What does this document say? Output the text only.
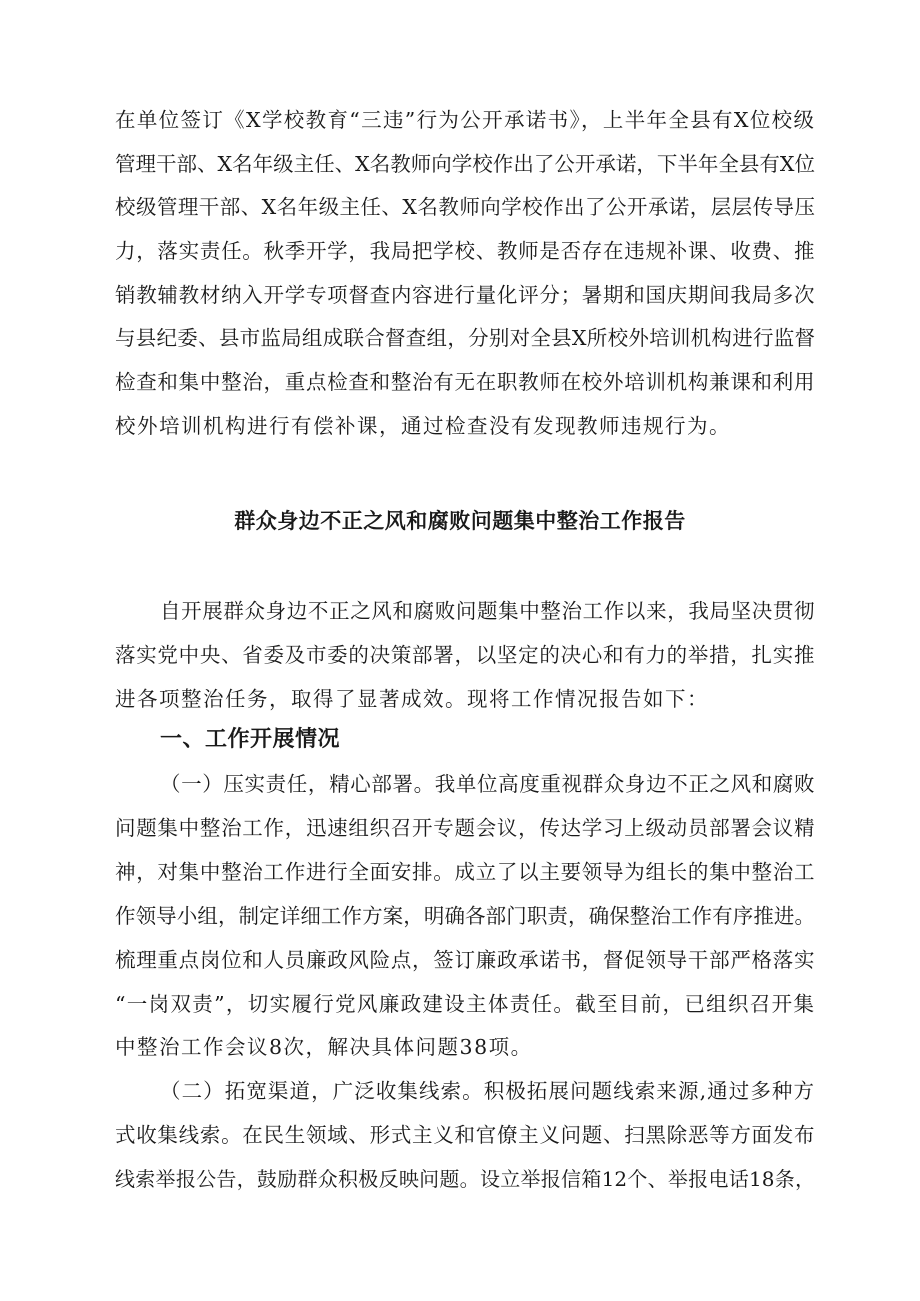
在单位签订《X学校教育“三违”行为公开承诺书》，上半年全县有X位校级
管理干部、X名年级主任、X名教师向学校作出了公开承诺，下半年全县有X位
校级管理干部、X名年级主任、X名教师向学校作出了公开承诺，层层传导压
力，落实责任。秋季开学，我局把学校、教师是否存在违规补课、收费、推
销教辅教材纳入开学专项督查内容进行量化评分；暑期和国庆期间我局多次
与县纪委、县市监局组成联合督查组，分别对全县X所校外培训机构进行监督
检查和集中整治，重点检查和整治有无在职教师在校外培训机构兼课和利用
校外培训机构进行有偿补课，通过检查没有发现教师违规行为。
群众身边不正之风和腐败问题集中整治工作报告
自开展群众身边不正之风和腐败问题集中整治工作以来，我局坚决贯彻
落实党中央、省委及市委的决策部署，以坚定的决心和有力的举措，扎实推
进各项整治任务，取得了显著成效。现将工作情况报告如下：
一、工作开展情况
（一）压实责任，精心部署。我单位高度重视群众身边不正之风和腐败
问题集中整治工作，迅速组织召开专题会议，传达学习上级动员部署会议精
神，对集中整治工作进行全面安排。成立了以主要领导为组长的集中整治工
作领导小组，制定详细工作方案，明确各部门职责，确保整治工作有序推进。
梳理重点岗位和人员廉政风险点，签订廉政承诺书，督促领导干部严格落实
“一岗双责”，切实履行党风廉政建设主体责任。截至目前，已组织召开集
中整治工作会议8次，解决具体问题38项。
（二）拓宽渠道，广泛收集线索。积极拓展问题线索来源,通过多种方
式收集线索。在民生领域、形式主义和官僚主义问题、扫黑除恶等方面发布
线索举报公告，鼓励群众积极反映问题。设立举报信箱12个、举报电话18条，
